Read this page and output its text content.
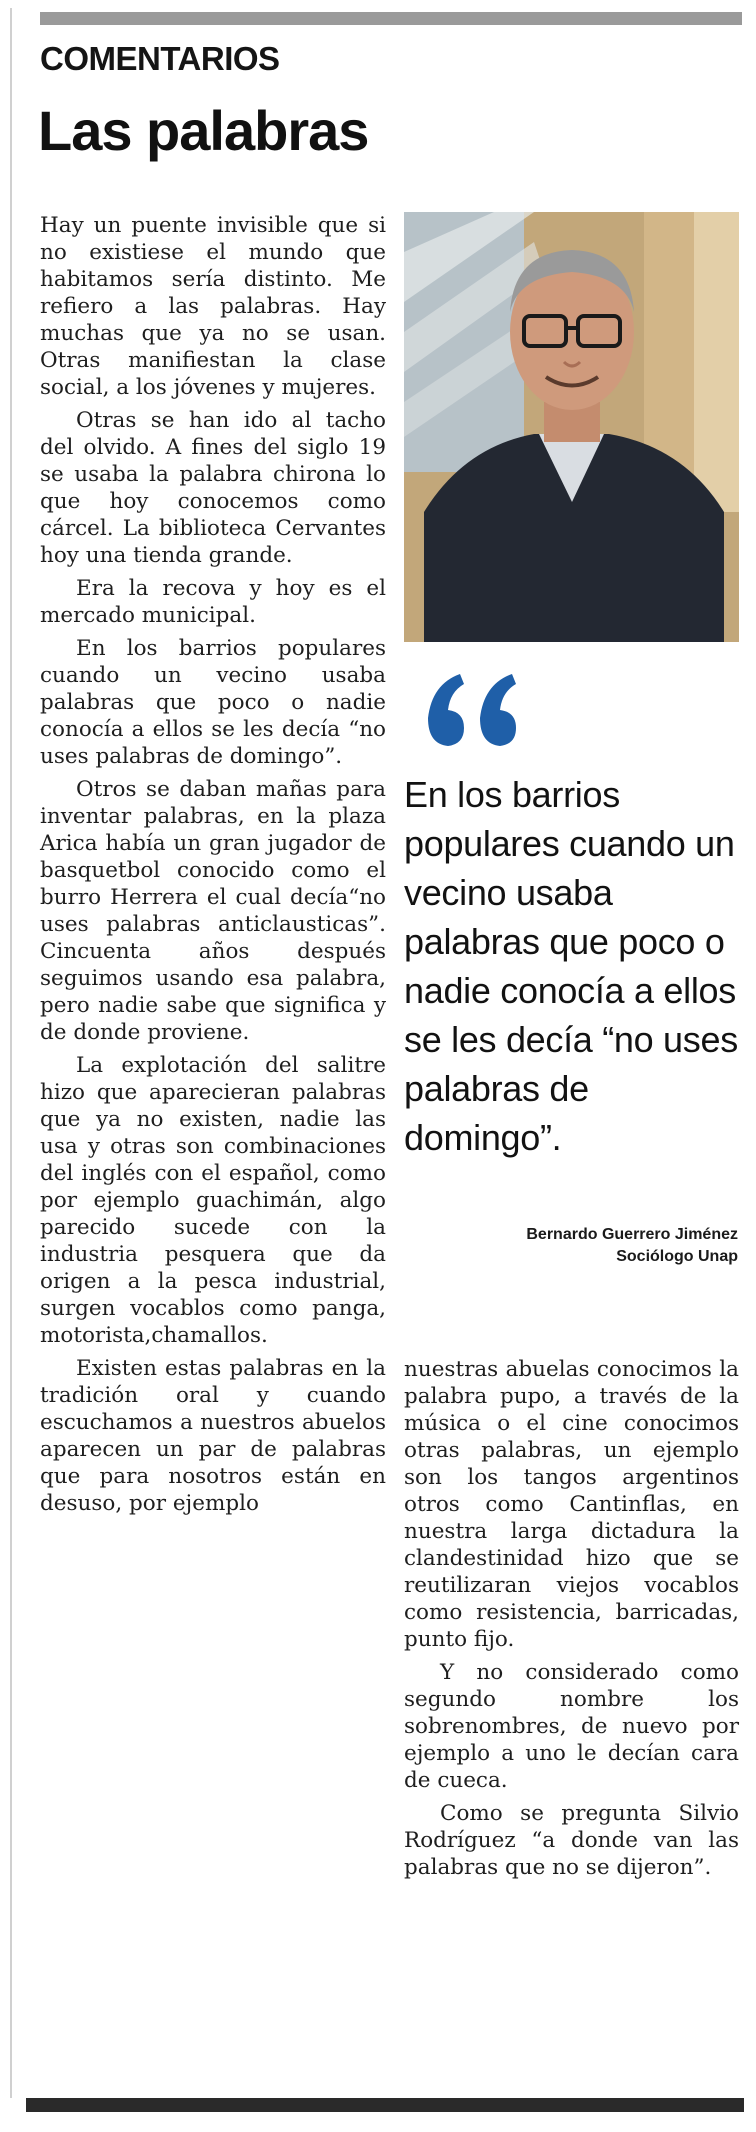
COMENTARIOS
Las palabras

Hay un puente invisible que si no existiese el mundo que habitamos sería distinto. Me refiero a las palabras. Hay muchas que ya no se usan. Otras manifiestan la clase social, a los jóvenes y mujeres.

Otras se han ido al tacho del olvido. A fines del siglo 19 se usaba la palabra chirona lo que hoy conocemos como cárcel. La biblioteca Cervantes hoy una tienda grande.

Era la recova y hoy es el mercado municipal.

En los barrios populares cuando un vecino usaba palabras que poco o nadie conocía a ellos se les decía “no uses palabras de domingo”.

Otros se daban mañas para inventar palabras, en la plaza Arica había un gran jugador de basquetbol conocido como el burro Herrera el cual decía“no uses palabras anticlausticas”. Cincuenta años después seguimos usando esa palabra, pero nadie sabe que significa y de donde proviene.

La explotación del salitre hizo que aparecieran palabras que ya no existen, nadie las usa y otras son combinaciones del inglés con el español, como por ejemplo guachimán, algo parecido sucede con la industria pesquera que da origen a la pesca industrial, surgen vocablos como panga, motorista,chamallos.

Existen estas palabras en la tradición oral y cuando escuchamos a nuestros abuelos aparecen un par de palabras que para nosotros están en desuso, por ejemplo

En los barrios populares cuando un vecino usaba palabras que poco o nadie conocía a ellos se les decía “no uses palabras de domingo”.
Bernardo Guerrero Jiménez
Sociólogo Unap

nuestras abuelas conocimos la palabra pupo, a través de la música o el cine conocimos otras palabras, un ejemplo son los tangos argentinos otros como Cantinflas, en nuestra larga dictadura la clandestinidad hizo que se reutilizaran viejos vocablos como resistencia, barricadas, punto fijo.

Y no considerado como segundo nombre los sobrenombres, de nuevo por ejemplo a uno le decían cara de cueca.

Como se pregunta Silvio Rodríguez “a donde van las palabras que no se dijeron”.
